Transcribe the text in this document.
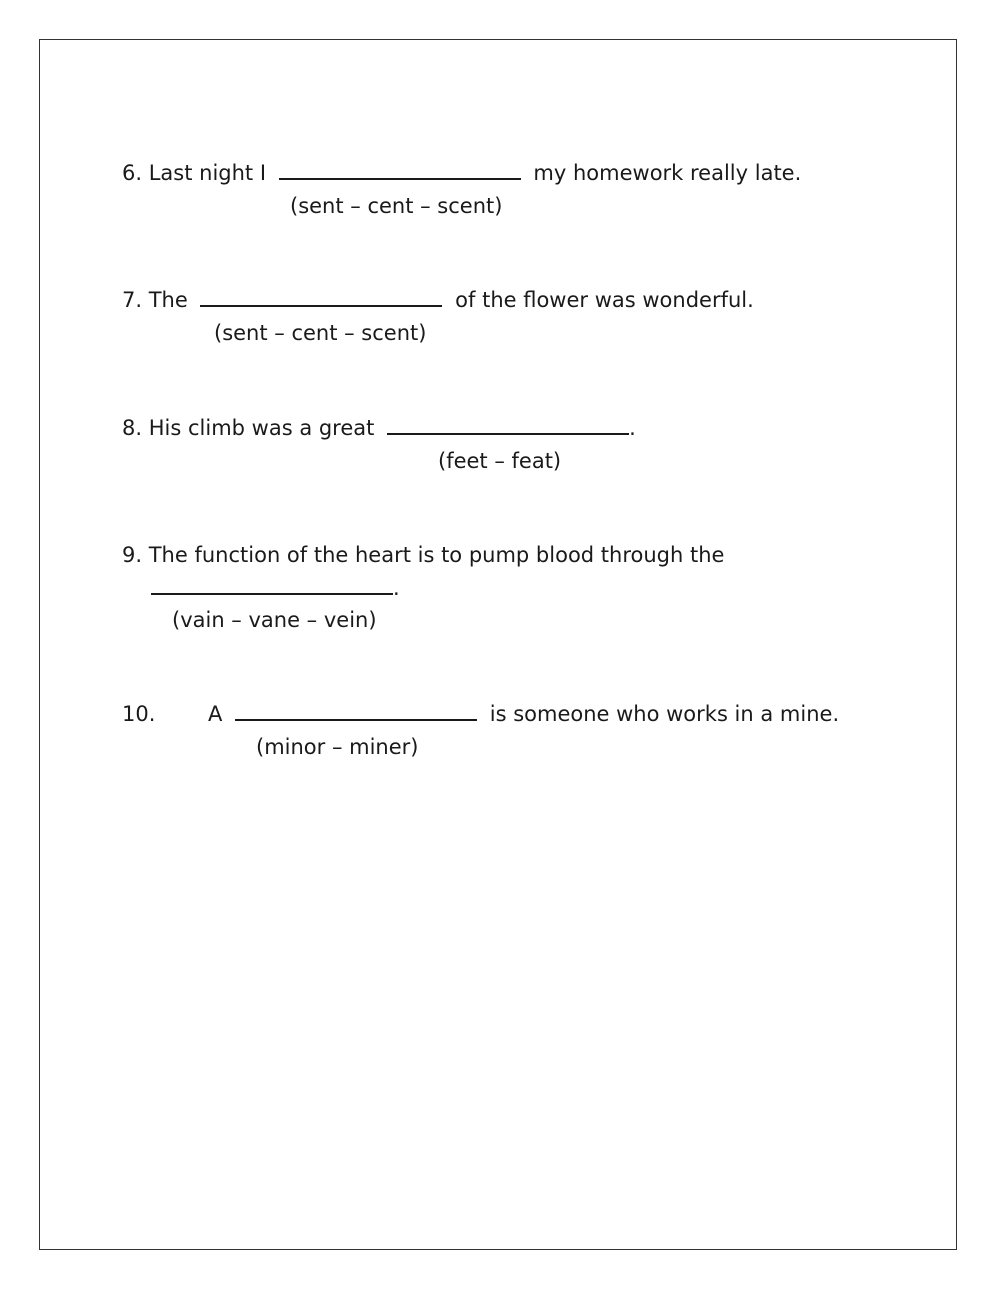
6. Last night I	my homework really late.
(sent – cent – scent)
7. The	of the flower was wonderful.
(sent – cent – scent)
8. His climb was a great	.
(feet – feat)
9. The function of the heart is to pump blood through the
.
(vain – vane – vein)
10.	A	is someone who works in a mine.
(minor – miner)
